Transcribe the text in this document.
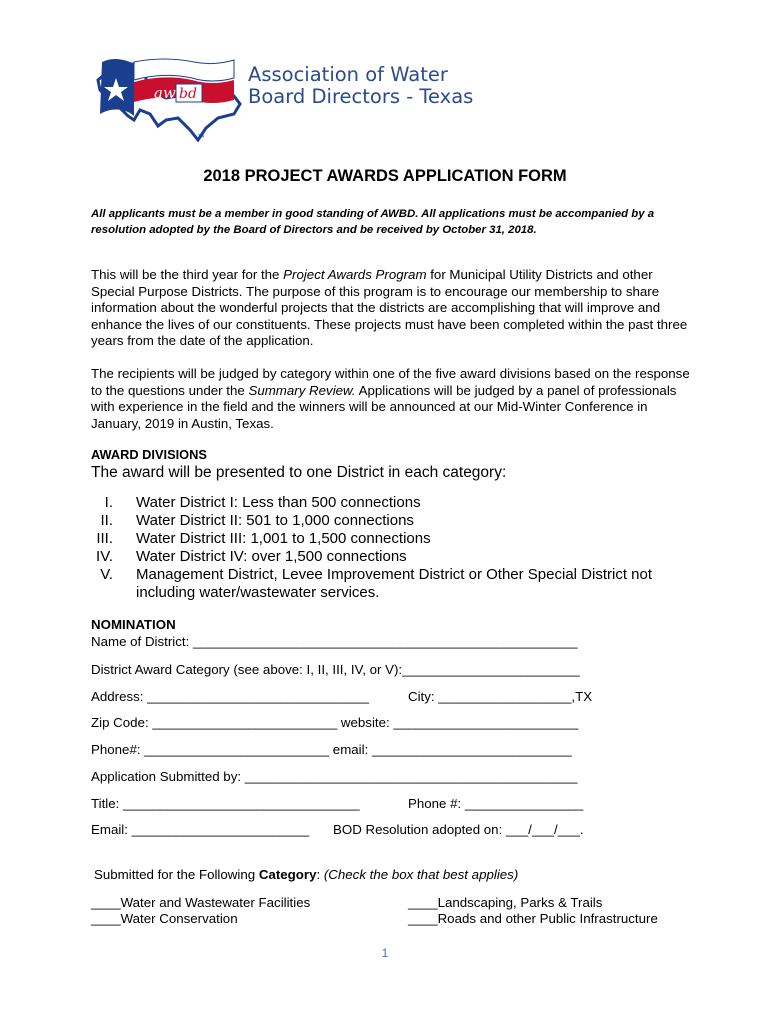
aw bd
TM
Association of Water
Board Directors - Texas
2018 PROJECT AWARDS APPLICATION FORM
All applicants must be a member in good standing of AWBD. All applications must be accompanied by a resolution adopted by the Board of Directors and be received by October 31, 2018.
This will be the third year for the Project Awards Program for Municipal Utility Districts and other Special Purpose Districts. The purpose of this program is to encourage our membership to share information about the wonderful projects that the districts are accomplishing that will improve and enhance the lives of our constituents. These projects must have been completed within the past three years from the date of the application.
The recipients will be judged by category within one of the five award divisions based on the response to the questions under the Summary Review. Applications will be judged by a panel of professionals with experience in the field and the winners will be announced at our Mid-Winter Conference in January, 2019 in Austin, Texas.
AWARD DIVISIONS
The award will be presented to one District in each category:
I. Water District I: Less than 500 connections
II. Water District II: 501 to 1,000 connections
III. Water District III: 1,001 to 1,500 connections
IV. Water District IV: over 1,500 connections
V. Management District, Levee Improvement District or Other Special District not
including water/wastewater services.
NOMINATION
Name of District: ____________________________________________________
District Award Category (see above: I, II, III, IV, or V):________________________
Address: ______________________________	City: __________________,TX
Zip Code: _________________________ website: _________________________
Phone#: _________________________ email: ___________________________
Application Submitted by: _____________________________________________
Title: ________________________________	Phone #: ________________
Email: ________________________ BOD Resolution adopted on: ___/___/___.
Submitted for the Following Category: (Check the box that best applies)
____Water and Wastewater Facilities
____Water Conservation
____Landscaping, Parks & Trails
____Roads and other Public Infrastructure
1
